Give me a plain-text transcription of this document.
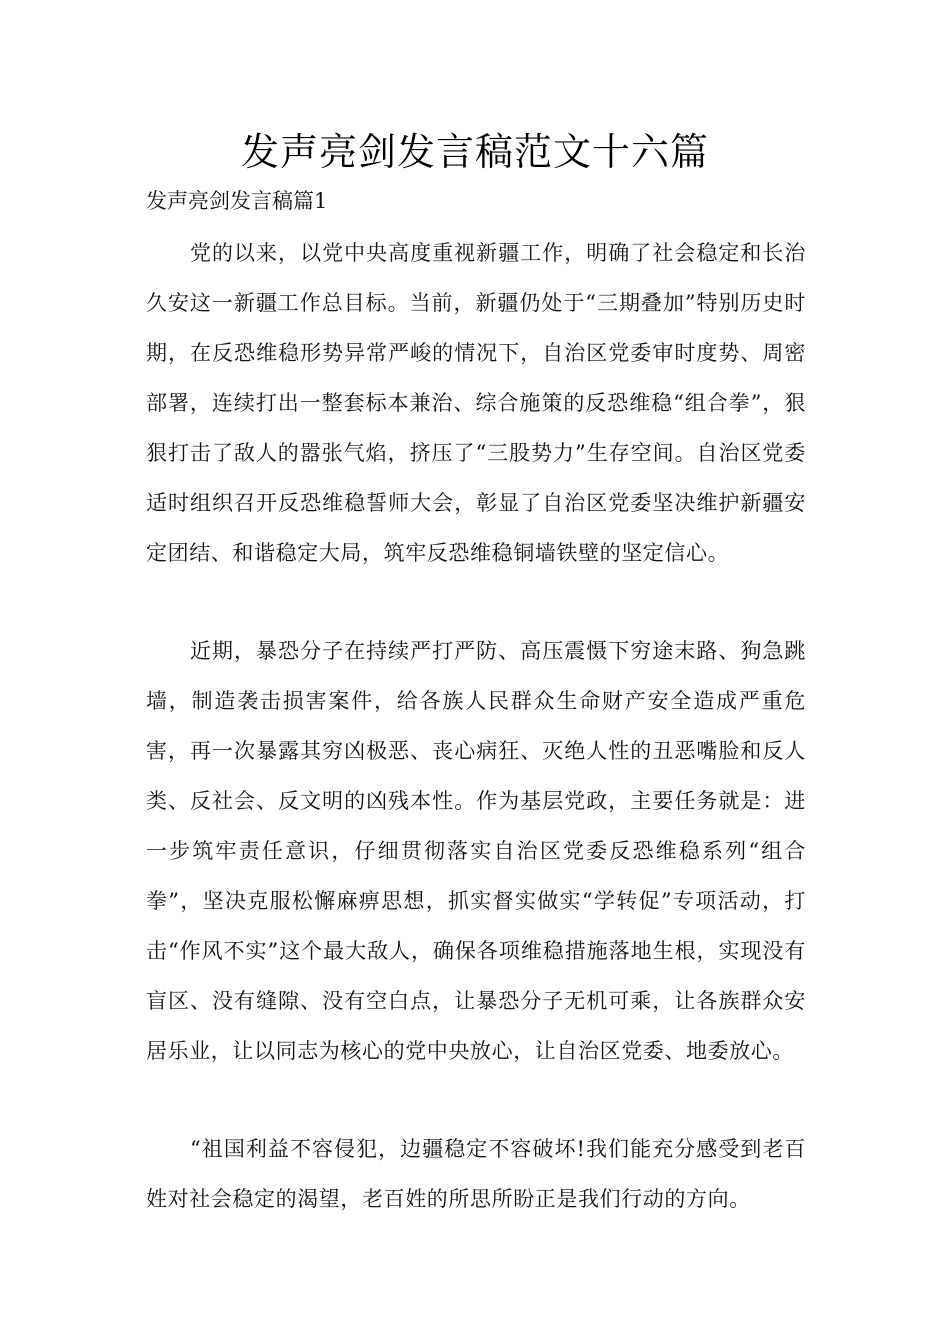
发声亮剑发言稿范文十六篇
发声亮剑发言稿篇1

党的以来，以党中央高度重视新疆工作，明确了社会稳定和长治久安这一新疆工作总目标。当前，新疆仍处于“三期叠加”特别历史时期，在反恐维稳形势异常严峻的情况下，自治区党委审时度势、周密部署，连续打出一整套标本兼治、综合施策的反恐维稳“组合拳”，狠狠打击了敌人的嚣张气焰，挤压了“三股势力”生存空间。自治区党委适时组织召开反恐维稳誓师大会，彰显了自治区党委坚决维护新疆安定团结、和谐稳定大局，筑牢反恐维稳铜墙铁壁的坚定信心。

近期，暴恐分子在持续严打严防、高压震慑下穷途末路、狗急跳墙，制造袭击损害案件，给各族人民群众生命财产安全造成严重危害，再一次暴露其穷凶极恶、丧心病狂、灭绝人性的丑恶嘴脸和反人类、反社会、反文明的凶残本性。作为基层党政，主要任务就是：进一步筑牢责任意识，仔细贯彻落实自治区党委反恐维稳系列“组合拳”，坚决克服松懈麻痹思想，抓实督实做实“学转促”专项活动，打击“作风不实”这个最大敌人，确保各项维稳措施落地生根，实现没有盲区、没有缝隙、没有空白点，让暴恐分子无机可乘，让各族群众安居乐业，让以同志为核心的党中央放心，让自治区党委、地委放心。

“祖国利益不容侵犯，边疆稳定不容破坏!我们能充分感受到老百姓对社会稳定的渴望，老百姓的所思所盼正是我们行动的方向。
